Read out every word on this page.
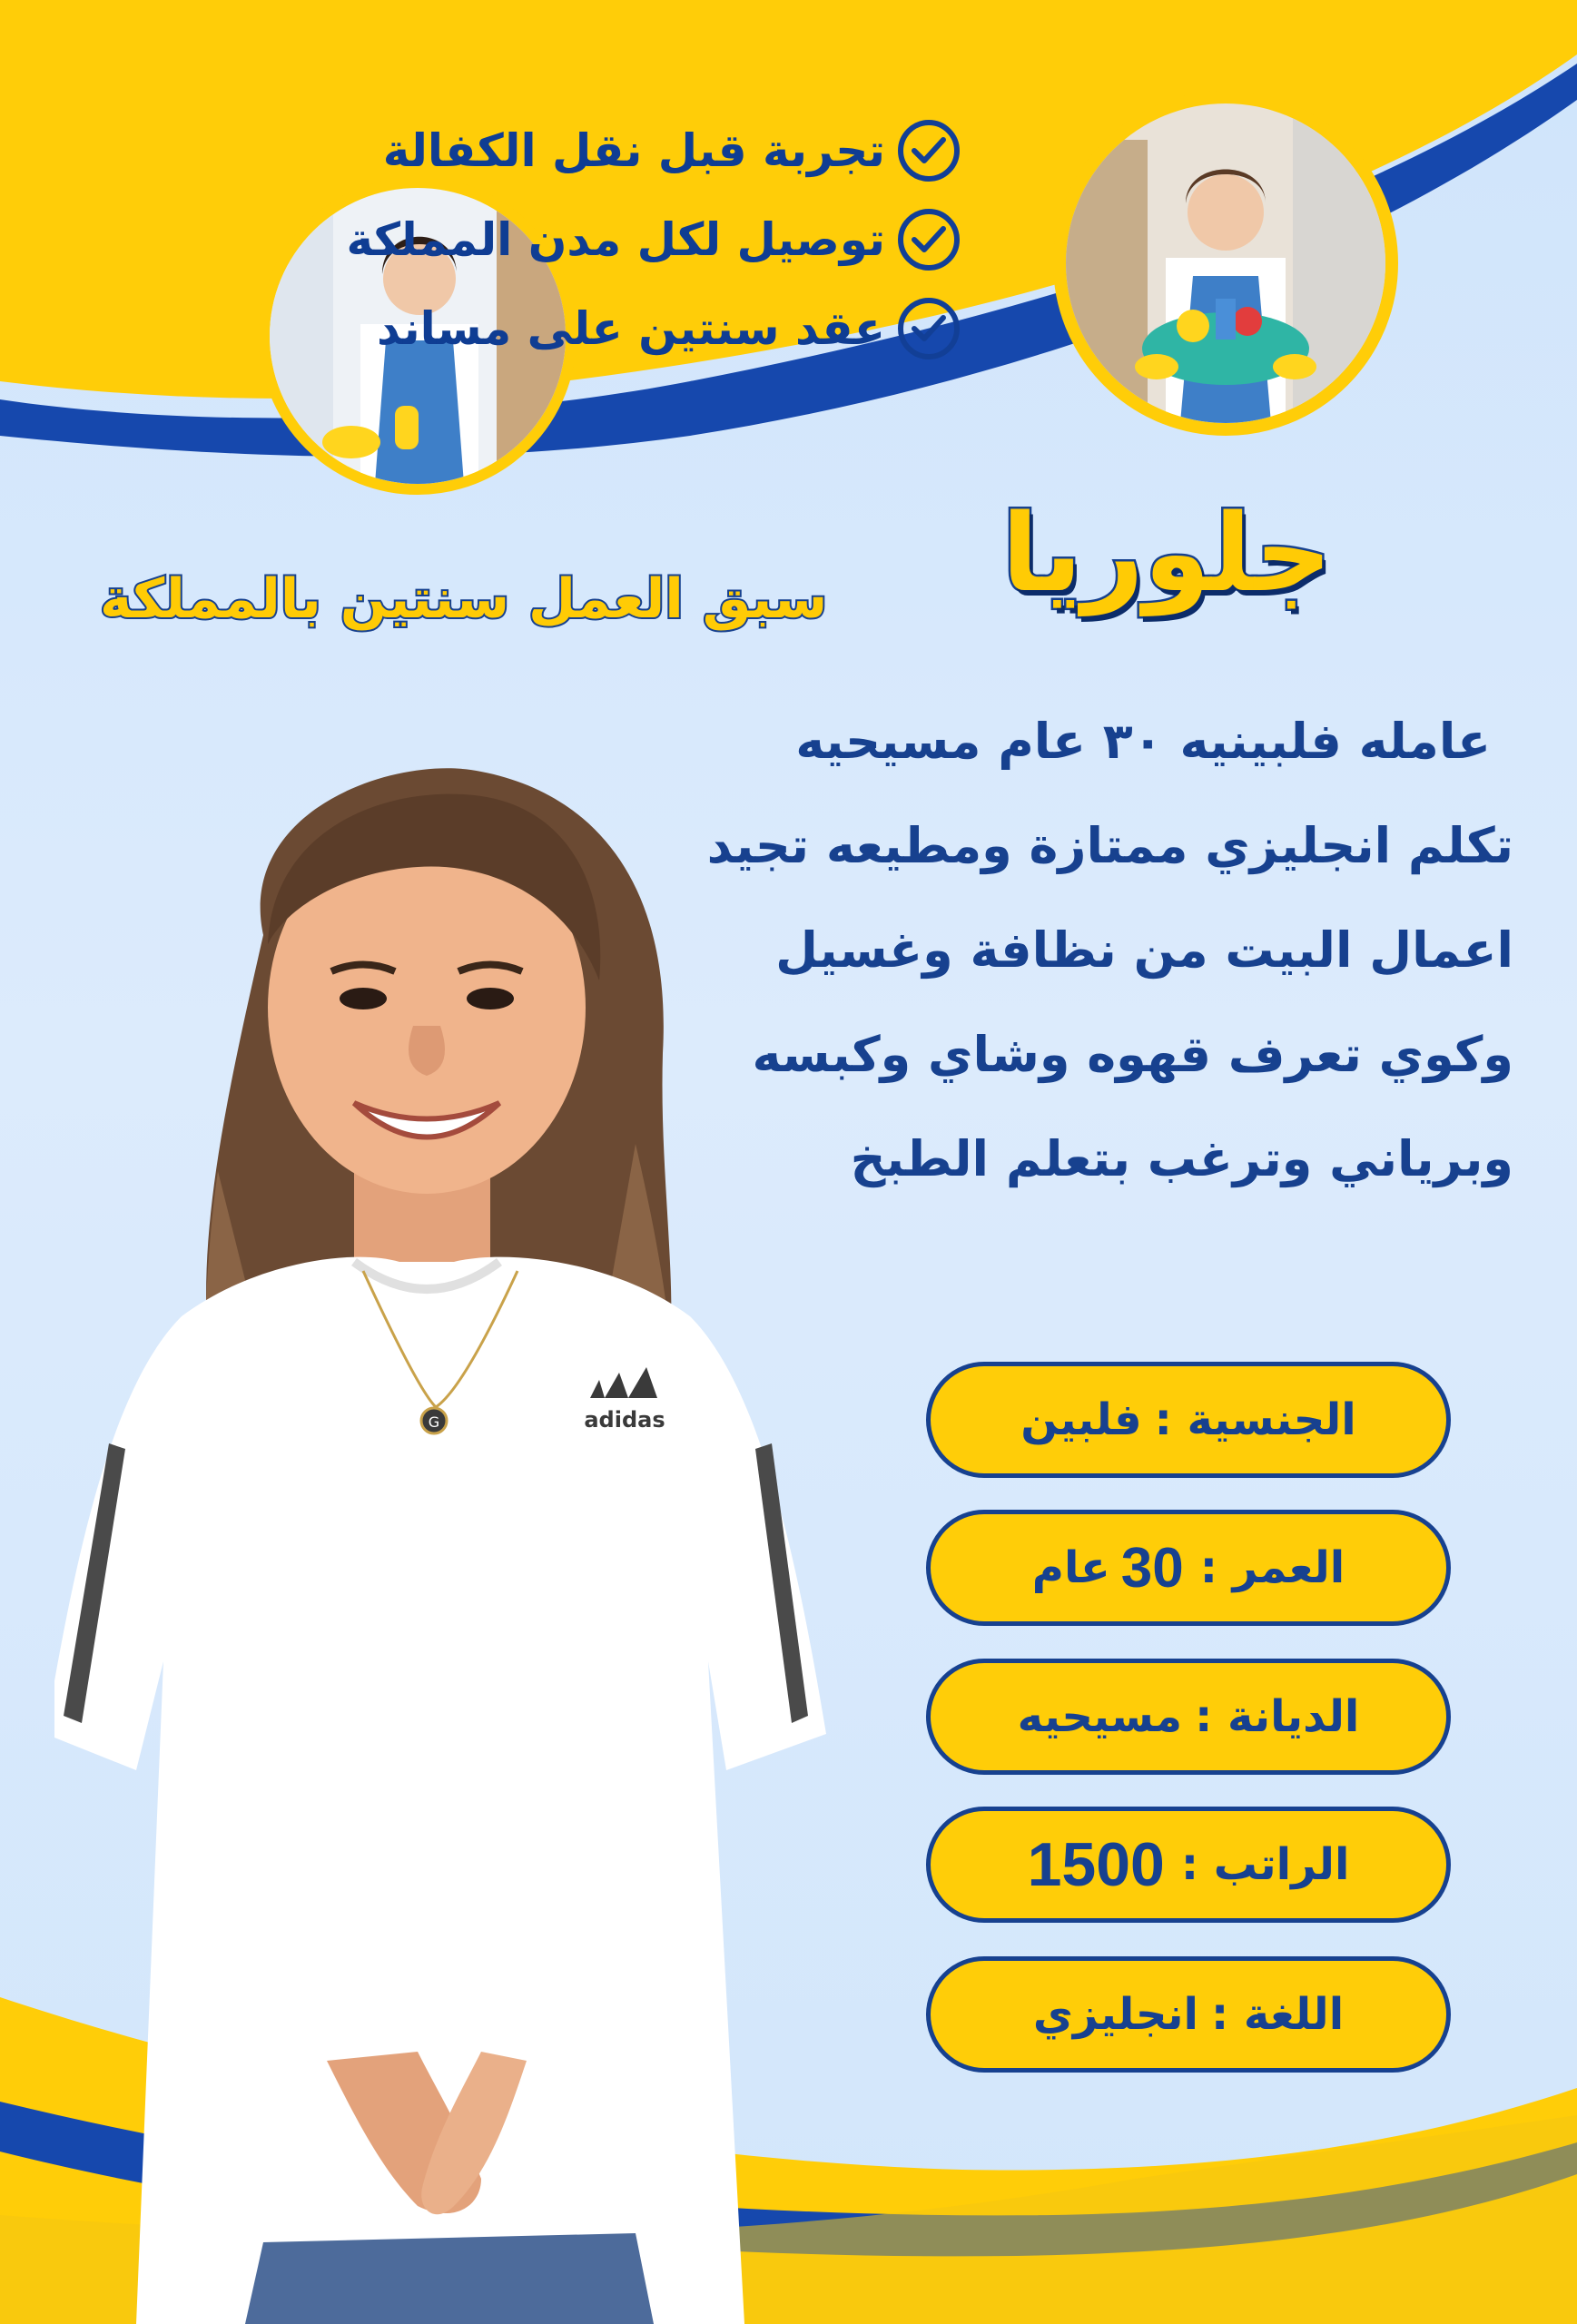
تجربة قبل نقل الكفالة
توصيل لكل مدن المملكة
عقد سنتين على مساند
جلوريا
سبق العمل سنتين بالمملكة
عامله فلبينيه ٣٠ عام مسيحيه
تكلم انجليزي ممتازة ومطيعه تجيد
اعمال البيت من نظافة وغسيل
وكوي تعرف قهوه وشاي وكبسه
وبرياني وترغب بتعلم الطبخ
G	adidas	الجنسية :
فلبين
العمر :
30
عام
الديانة :
مسيحيه
الراتب :
1500
اللغة :
انجليزي
